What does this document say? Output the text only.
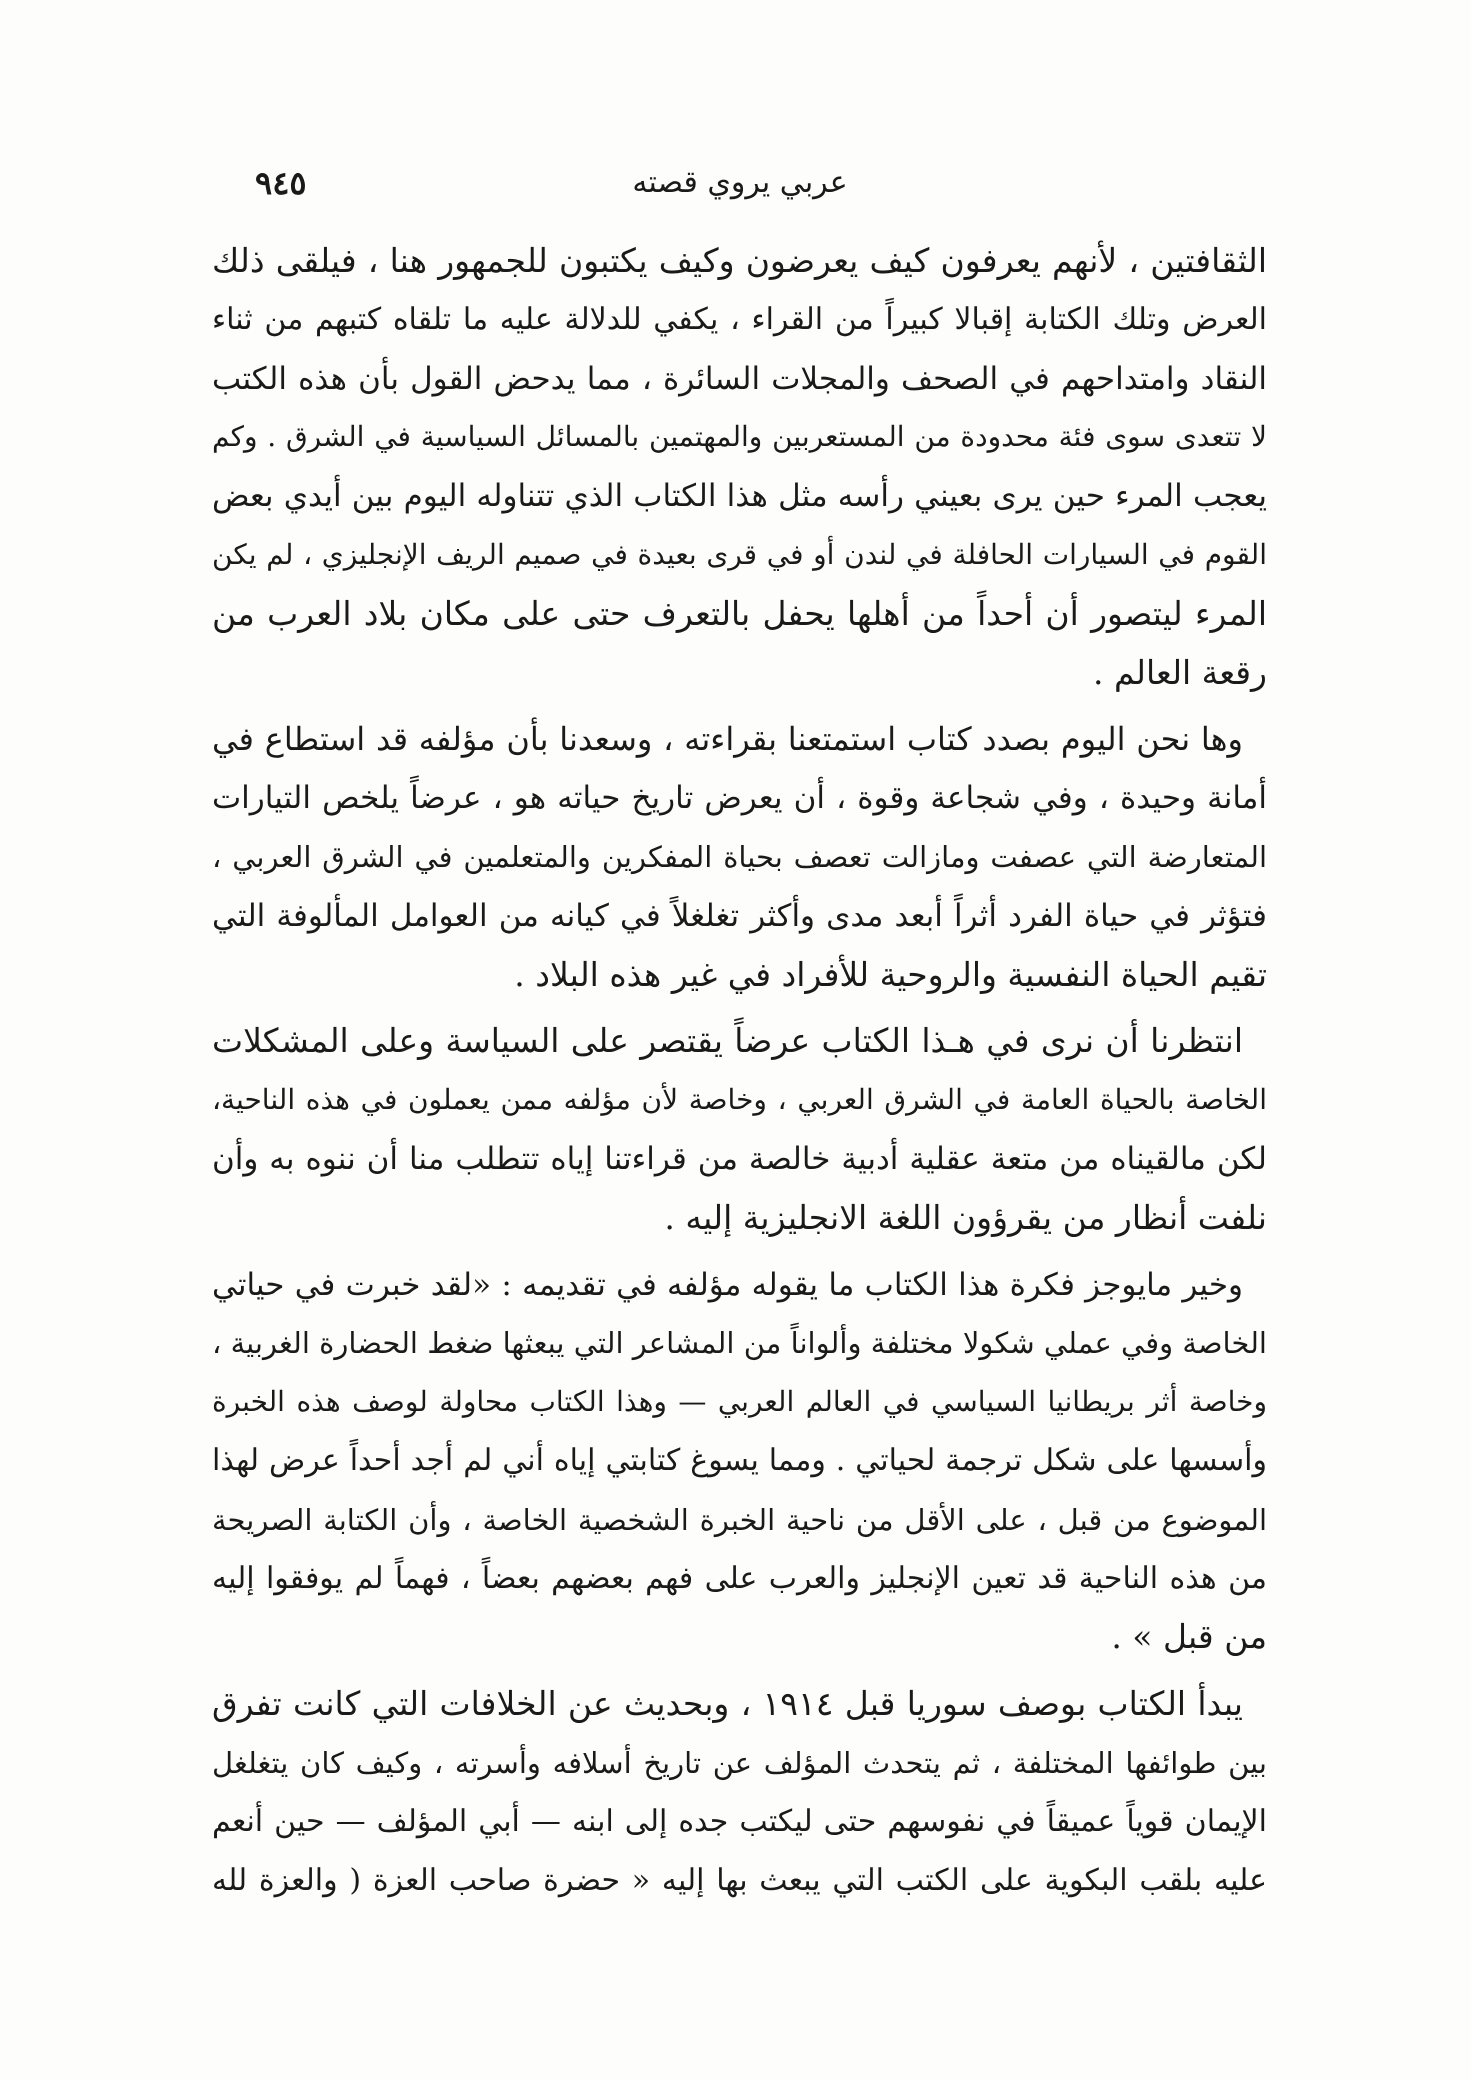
عربي يروي قصته
٩٤٥
الثقافتين ، لأنهم يعرفون كيف يعرضون وكيف يكتبون للجمهور هنا ، فيلقى ذلك
العرض وتلك الكتابة إقبالا كبيراً من القراء ، يكفي للدلالة عليه ما تلقاه كتبهم من ثناء
النقاد وامتداحهم في الصحف والمجلات السائرة ، مما يدحض القول بأن هذه الكتب
لا تتعدى سوى فئة محدودة من المستعربين والمهتمين بالمسائل السياسية في الشرق . وكم
يعجب المرء حين يرى بعيني رأسه مثل هذا الكتاب الذي تتناوله اليوم بين أيدي بعض
القوم في السيارات الحافلة في لندن أو في قرى بعيدة في صميم الريف الإنجليزي ، لم يكن
المرء ليتصور أن أحداً من أهلها يحفل بالتعرف حتى على مكان بلاد العرب من
رقعة العالم .
وها نحن اليوم بصدد كتاب استمتعنا بقراءته ، وسعدنا بأن مؤلفه قد استطاع في
أمانة وحيدة ، وفي شجاعة وقوة ، أن يعرض تاريخ حياته هو ، عرضاً يلخص التيارات
المتعارضة التي عصفت ومازالت تعصف بحياة المفكرين والمتعلمين في الشرق العربي ،
فتؤثر في حياة الفرد أثراً أبعد مدى وأكثر تغلغلاً في كيانه من العوامل المألوفة التي
تقيم الحياة النفسية والروحية للأفراد في غير هذه البلاد .
انتظرنا أن نرى في هـذا الكتاب عرضاً يقتصر على السياسة وعلى المشكلات
الخاصة بالحياة العامة في الشرق العربي ، وخاصة لأن مؤلفه ممن يعملون في هذه الناحية،
لكن مالقيناه من متعة عقلية أدبية خالصة من قراءتنا إياه تتطلب منا أن ننوه به وأن
نلفت أنظار من يقرؤون اللغة الانجليزية إليه .
وخير مايوجز فكرة هذا الكتاب ما يقوله مؤلفه في تقديمه : «لقد خبرت في حياتي
الخاصة وفي عملي شكولا مختلفة وألواناً من المشاعر التي يبعثها ضغط الحضارة الغربية ،
وخاصة أثر بريطانيا السياسي في العالم العربي — وهذا الكتاب محاولة لوصف هذه الخبرة
وأسسها على شكل ترجمة لحياتي . ومما يسوغ كتابتي إياه أني لم أجد أحداً عرض لهذا
الموضوع من قبل ، على الأقل من ناحية الخبرة الشخصية الخاصة ، وأن الكتابة الصريحة
من هذه الناحية قد تعين الإنجليز والعرب على فهم بعضهم بعضاً ، فهماً لم يوفقوا إليه
من قبل » .
يبدأ الكتاب بوصف سوريا قبل ١٩١٤ ، وبحديث عن الخلافات التي كانت تفرق
بين طوائفها المختلفة ، ثم يتحدث المؤلف عن تاريخ أسلافه وأسرته ، وكيف كان يتغلغل
الإيمان قوياً عميقاً في نفوسهم حتى ليكتب جده إلى ابنه — أبي المؤلف — حين أنعم
عليه بلقب البكوية على الكتب التي يبعث بها إليه « حضرة صاحب العزة ( والعزة لله
